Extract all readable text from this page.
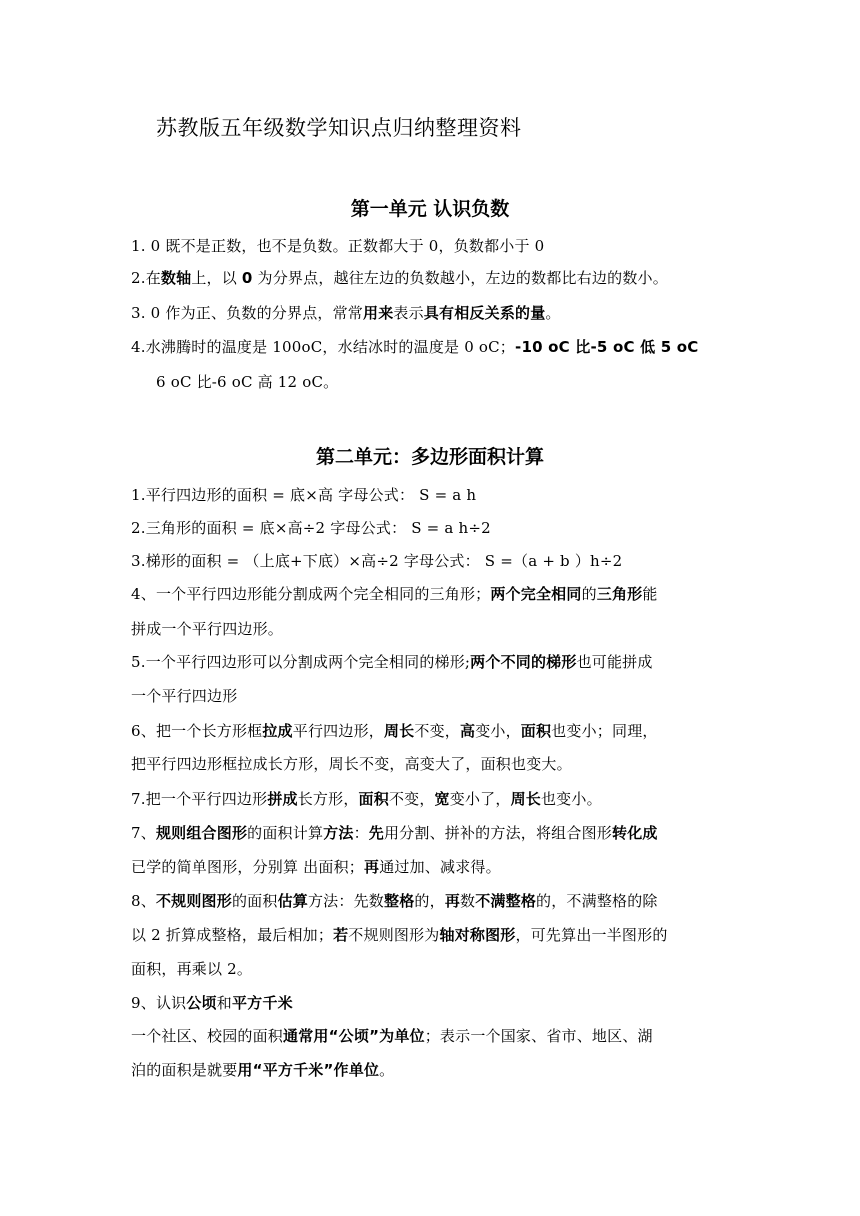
苏教版五年级数学知识点归纳整理资料
第一单元 认识负数
1. 0 既不是正数，也不是负数。正数都大于 0，负数都小于 0
2.在数轴上，以 0 为分界点，越往左边的负数越小，左边的数都比右边的数小。
3. 0 作为正、负数的分界点，常常用来表示具有相反关系的量。
4.水沸腾时的温度是 100oC，水结冰时的温度是 0 oC；-10 oC 比-5 oC 低 5 oC
6 oC 比-6 oC 高 12 oC。
第二单元：多边形面积计算
1.平行四边形的面积 = 底×高 字母公式： S = a h
2.三角形的面积 = 底×高÷2 字母公式： S = a h÷2
3.梯形的面积 = （上底+下底）×高÷2 字母公式： S =（a + b ）h÷2
4、一个平行四边形能分割成两个完全相同的三角形；两个完全相同的三角形能
拼成一个平行四边形。
5.一个平行四边形可以分割成两个完全相同的梯形;两个不同的梯形也可能拼成
一个平行四边形
6、把一个长方形框拉成平行四边形，周长不变，高变小，面积也变小；同理，
把平行四边形框拉成长方形，周长不变，高变大了，面积也变大。
7.把一个平行四边形拼成长方形，面积不变，宽变小了，周长也变小。
7、规则组合图形的面积计算方法：先用分割、拼补的方法，将组合图形转化成
已学的简单图形，分别算 出面积；再通过加、减求得。
8、不规则图形的面积估算方法：先数整格的，再数不满整格的，不满整格的除
以 2 折算成整格，最后相加；若不规则图形为轴对称图形，可先算出一半图形的
面积，再乘以 2。
9、认识公顷和平方千米
一个社区、校园的面积通常用“公顷”为单位；表示一个国家、省市、地区、湖
泊的面积是就要用“平方千米”作单位。
